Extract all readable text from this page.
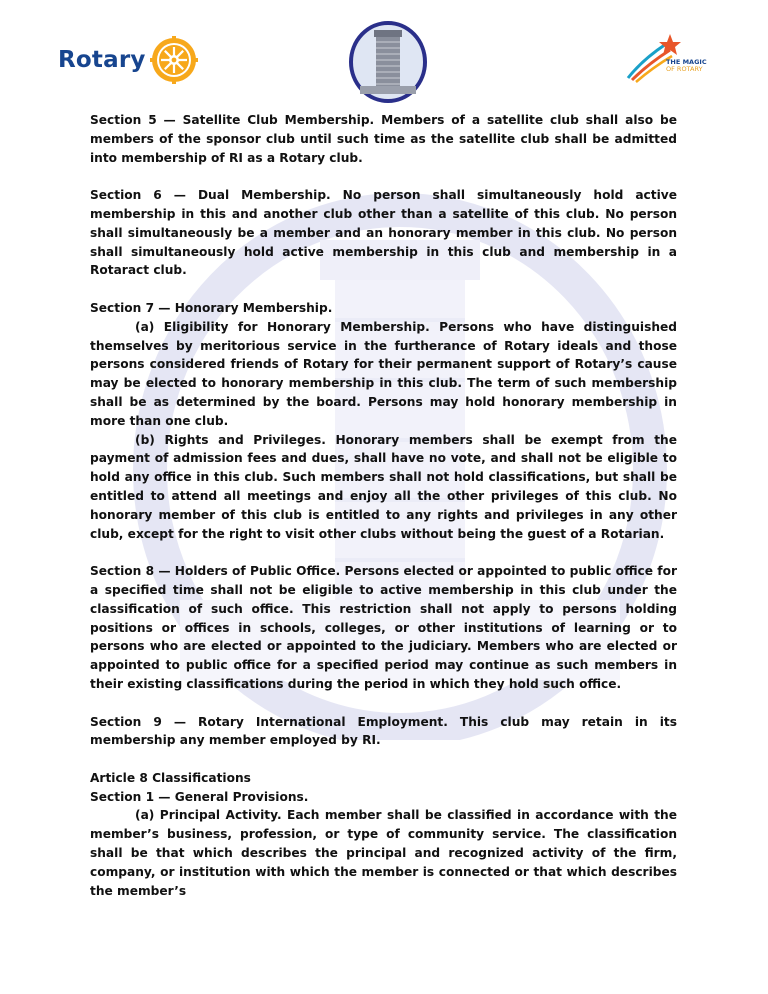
Rotary	THE MAGIC
OF ROTARY

Section 5 — Satellite Club Membership. Members of a satellite club shall also be members of the sponsor club until such time as the satellite club shall be admitted into membership of RI as a Rotary club.

Section 6 — Dual Membership. No person shall simultaneously hold active membership in this and another club other than a satellite of this club. No person shall simultaneously be a member and an honorary member in this club. No person shall simultaneously hold active membership in this club and membership in a Rotaract club.

Section 7 — Honorary Membership.

(a) Eligibility for Honorary Membership. Persons who have distinguished themselves by meritorious service in the furtherance of Rotary ideals and those persons considered friends of Rotary for their permanent support of Rotary’s cause may be elected to honorary membership in this club. The term of such membership shall be as determined by the board. Persons may hold honorary membership in more than one club.

(b) Rights and Privileges. Honorary members shall be exempt from the payment of admission fees and dues, shall have no vote, and shall not be eligible to hold any office in this club. Such members shall not hold classifications, but shall be entitled to attend all meetings and enjoy all the other privileges of this club. No honorary member of this club is entitled to any rights and privileges in any other club, except for the right to visit other clubs without being the guest of a Rotarian.

Section 8 — Holders of Public Office. Persons elected or appointed to public office for a specified time shall not be eligible to active membership in this club under the classification of such office. This restriction shall not apply to persons holding positions or offices in schools, colleges, or other institutions of learning or to persons who are elected or appointed to the judiciary. Members who are elected or appointed to public office for a specified period may continue as such members in their existing classifications during the period in which they hold such office.

Section 9 — Rotary International Employment. This club may retain in its membership any member employed by RI.

Article 8 Classifications

Section 1 — General Provisions.

(a) Principal Activity. Each member shall be classified in accordance with the member’s business, profession, or type of community service. The classification shall be that which describes the principal and recognized activity of the firm, company, or institution with which the member is connected or that which describes the member’s
